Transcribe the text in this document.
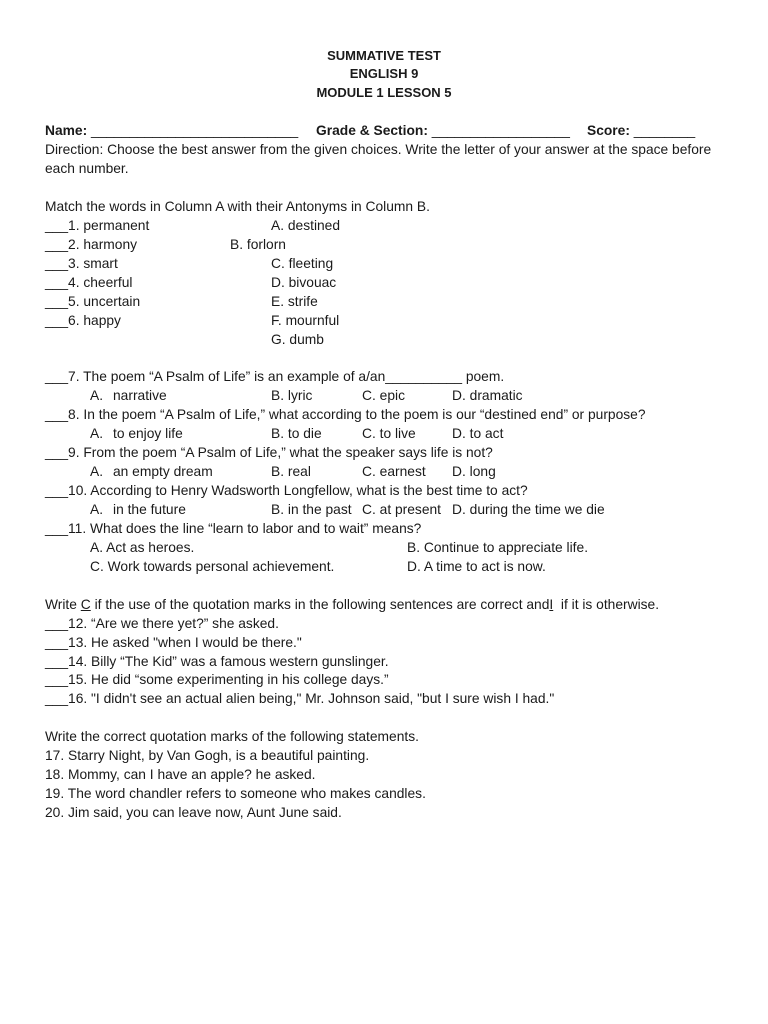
SUMMATIVE TEST
ENGLISH 9
MODULE 1 LESSON 5
Name: ___________________________ Grade & Section: __________________ Score: ________
Direction: Choose the best answer from the given choices. Write the letter of your answer at the space before
each number.
Match the words in Column A with their Antonyms in Column B.
___1. permanent	A. destined
___2. harmony	B. forlorn
___3. smart	C. fleeting
___4. cheerful	D. bivouac
___5. uncertain	E. strife
___6. happy	F. mournful
G. dumb
___7. The poem “A Psalm of Life” is an example of a/an__________ poem.
A. narrative	B. lyric	C. epic	D. dramatic
___8. In the poem “A Psalm of Life,” what according to the poem is our “destined end” or purpose?
A. to enjoy life	B. to die	C. to live	D. to act
___9. From the poem “A Psalm of Life,” what the speaker says life is not?
A. an empty dream	B. real	C. earnest D. long
___10. According to Henry Wadsworth Longfellow, what is the best time to act?
A. in the future	B. in the past C. at present D. during the time we die
___11. What does the line “learn to labor and to wait” means?
A. Act as heroes.	B. Continue to appreciate life.
C. Work towards personal achievement.	D. A time to act is now.
Write C if the use of the quotation marks in the following sentences are correct andI  if it is otherwise.
___12. “Are we there yet?” she asked.
___13. He asked "when I would be there."
___14. Billy “The Kid” was a famous western gunslinger.
___15. He did “some experimenting in his college days.”
___16. "I didn't see an actual alien being," Mr. Johnson said, "but I sure wish I had."
Write the correct quotation marks of the following statements.
17. Starry Night, by Van Gogh, is a beautiful painting.
18. Mommy, can I have an apple? he asked.
19. The word chandler refers to someone who makes candles.
20. Jim said, you can leave now, Aunt June said.
